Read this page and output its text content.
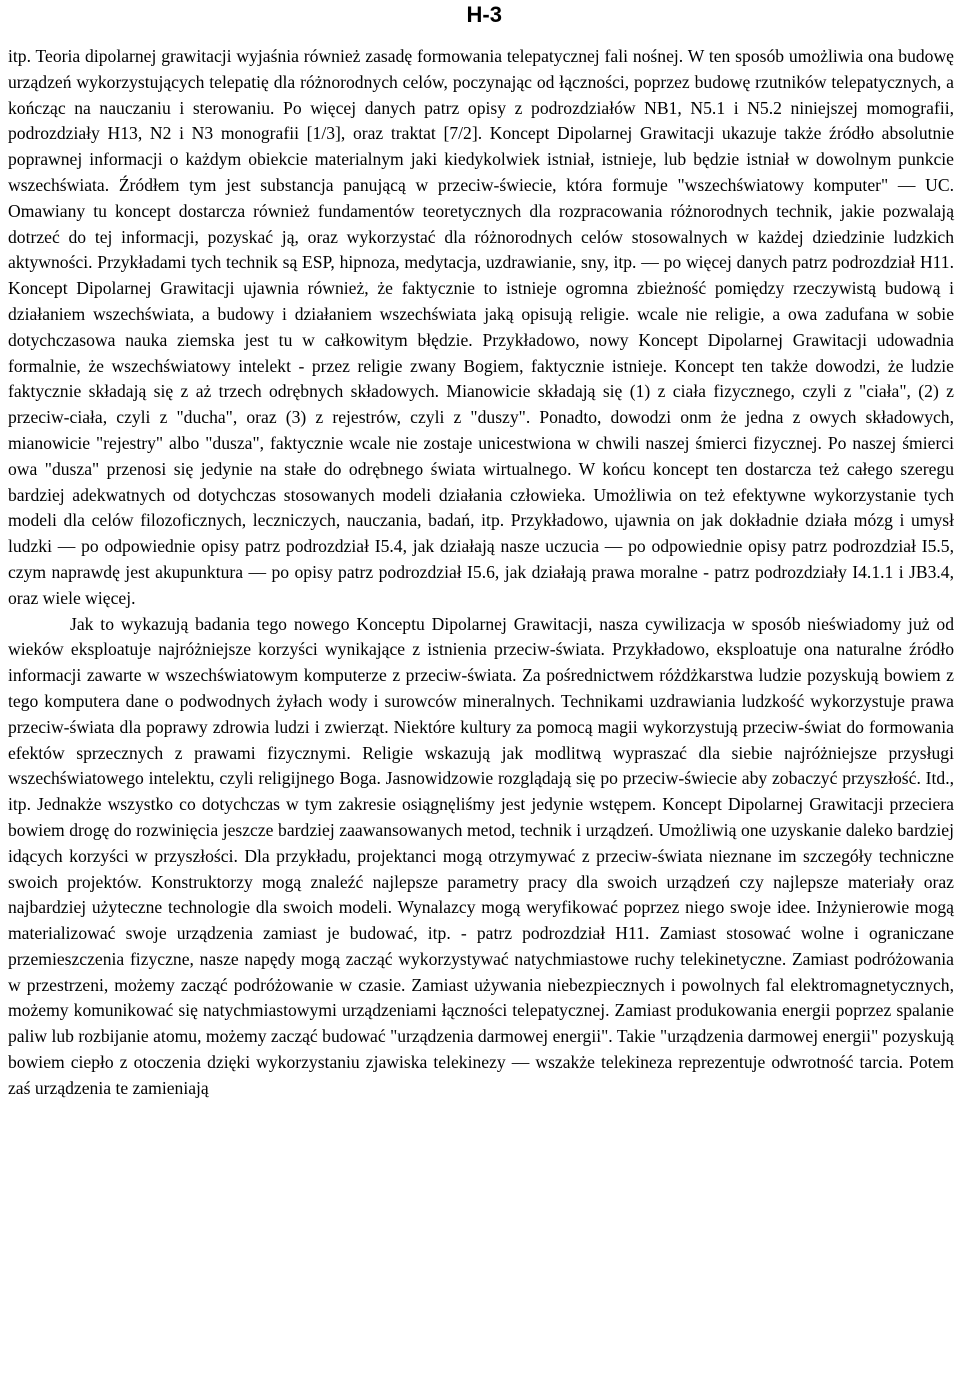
H-3

itp. Teoria dipolarnej grawitacji wyjaśnia również zasadę formowania telepatycznej fali nośnej. W ten sposób umożliwia ona budowę urządzeń wykorzystujących telepatię dla różnorodnych celów, poczynając od łączności, poprzez budowę rzutników telepatycznych, a kończąc na nauczaniu i sterowaniu. Po więcej danych patrz opisy z podrozdziałów NB1, N5.1 i N5.2 niniejszej momografii, podrozdziały H13, N2 i N3 monografii [1/3], oraz traktat [7/2]. Koncept Dipolarnej Grawitacji ukazuje także źródło absolutnie poprawnej informacji o każdym obiekcie materialnym jaki kiedykolwiek istniał, istnieje, lub będzie istniał w dowolnym punkcie wszechświata. Źródłem tym jest substancja panującą w przeciw-świecie, która formuje "wszechświatowy komputer" — UC. Omawiany tu koncept dostarcza również fundamentów teoretycznych dla rozpracowania różnorodnych technik, jakie pozwalają dotrzeć do tej informacji, pozyskać ją, oraz wykorzystać dla różnorodnych celów stosowalnych w każdej dziedzinie ludzkich aktywności. Przykładami tych technik są ESP, hipnoza, medytacja, uzdrawianie, sny, itp. — po więcej danych patrz podrozdział H11. Koncept Dipolarnej Grawitacji ujawnia również, że faktycznie to istnieje ogromna zbieżność pomiędzy rzeczywistą budową i działaniem wszechświata, a budowy i działaniem wszechświata jaką opisują religie. wcale nie religie, a owa zadufana w sobie dotychczasowa nauka ziemska jest tu w całkowitym błędzie. Przykładowo, nowy Koncept Dipolarnej Grawitacji udowadnia formalnie, że wszechświatowy intelekt - przez religie zwany Bogiem, faktycznie istnieje. Koncept ten także dowodzi, że ludzie faktycznie składają się z aż trzech odrębnych składowych. Mianowicie składają się (1) z ciała fizycznego, czyli z "ciała", (2) z przeciw-ciała, czyli z "ducha", oraz (3) z rejestrów, czyli z "duszy". Ponadto, dowodzi onm że jedna z owych składowych, mianowicie "rejestry" albo "dusza", faktycznie wcale nie zostaje unicestwiona w chwili naszej śmierci fizycznej. Po naszej śmierci owa "dusza" przenosi się jedynie na stałe do odrębnego świata wirtualnego. W końcu koncept ten dostarcza też całego szeregu bardziej adekwatnych od dotychczas stosowanych modeli działania człowieka. Umożliwia on też efektywne wykorzystanie tych modeli dla celów filozoficznych, leczniczych, nauczania, badań, itp. Przykładowo, ujawnia on jak dokładnie działa mózg i umysł ludzki — po odpowiednie opisy patrz podrozdział I5.4, jak działają nasze uczucia — po odpowiednie opisy patrz podrozdział I5.5, czym naprawdę jest akupunktura — po opisy patrz podrozdział I5.6, jak działają prawa moralne - patrz podrozdziały I4.1.1 i JB3.4, oraz wiele więcej.

Jak to wykazują badania tego nowego Konceptu Dipolarnej Grawitacji, nasza cywilizacja w sposób nieświadomy już od wieków eksploatuje najróżniejsze korzyści wynikające z istnienia przeciw-świata. Przykładowo, eksploatuje ona naturalne źródło informacji zawarte w wszechświatowym komputerze z przeciw-świata. Za pośrednictwem różdżkarstwa ludzie pozyskują bowiem z tego komputera dane o podwodnych żyłach wody i surowców mineralnych. Technikami uzdrawiania ludzkość wykorzystuje prawa przeciw-świata dla poprawy zdrowia ludzi i zwierząt. Niektóre kultury za pomocą magii wykorzystują przeciw-świat do formowania efektów sprzecznych z prawami fizycznymi. Religie wskazują jak modlitwą wypraszać dla siebie najróżniejsze przysługi wszechświatowego intelektu, czyli religijnego Boga. Jasnowidzowie rozglądają się po przeciw-świecie aby zobaczyć przyszłość. Itd., itp. Jednakże wszystko co dotychczas w tym zakresie osiągnęliśmy jest jedynie wstępem. Koncept Dipolarnej Grawitacji przeciera bowiem drogę do rozwinięcia jeszcze bardziej zaawansowanych metod, technik i urządzeń. Umożliwią one uzyskanie daleko bardziej idących korzyści w przyszłości. Dla przykładu, projektanci mogą otrzymywać z przeciw-świata nieznane im szczegóły techniczne swoich projektów. Konstruktorzy mogą znaleźć najlepsze parametry pracy dla swoich urządzeń czy najlepsze materiały oraz najbardziej użyteczne technologie dla swoich modeli. Wynalazcy mogą weryfikować poprzez niego swoje idee. Inżynierowie mogą materializować swoje urządzenia zamiast je budować, itp. - patrz podrozdział H11. Zamiast stosować wolne i ograniczane przemieszczenia fizyczne, nasze napędy mogą zacząć wykorzystywać natychmiastowe ruchy telekinetyczne. Zamiast podróżowania w przestrzeni, możemy zacząć podróżowanie w czasie. Zamiast używania niebezpiecznych i powolnych fal elektromagnetycznych, możemy komunikować się natychmiastowymi urządzeniami łączności telepatycznej. Zamiast produkowania energii poprzez spalanie paliw lub rozbijanie atomu, możemy zacząć budować "urządzenia darmowej energii". Takie "urządzenia darmowej energii" pozyskują bowiem ciepło z otoczenia dzięki wykorzystaniu zjawiska telekinezy — wszakże telekineza reprezentuje odwrotność tarcia. Potem zaś urządzenia te zamieniają
